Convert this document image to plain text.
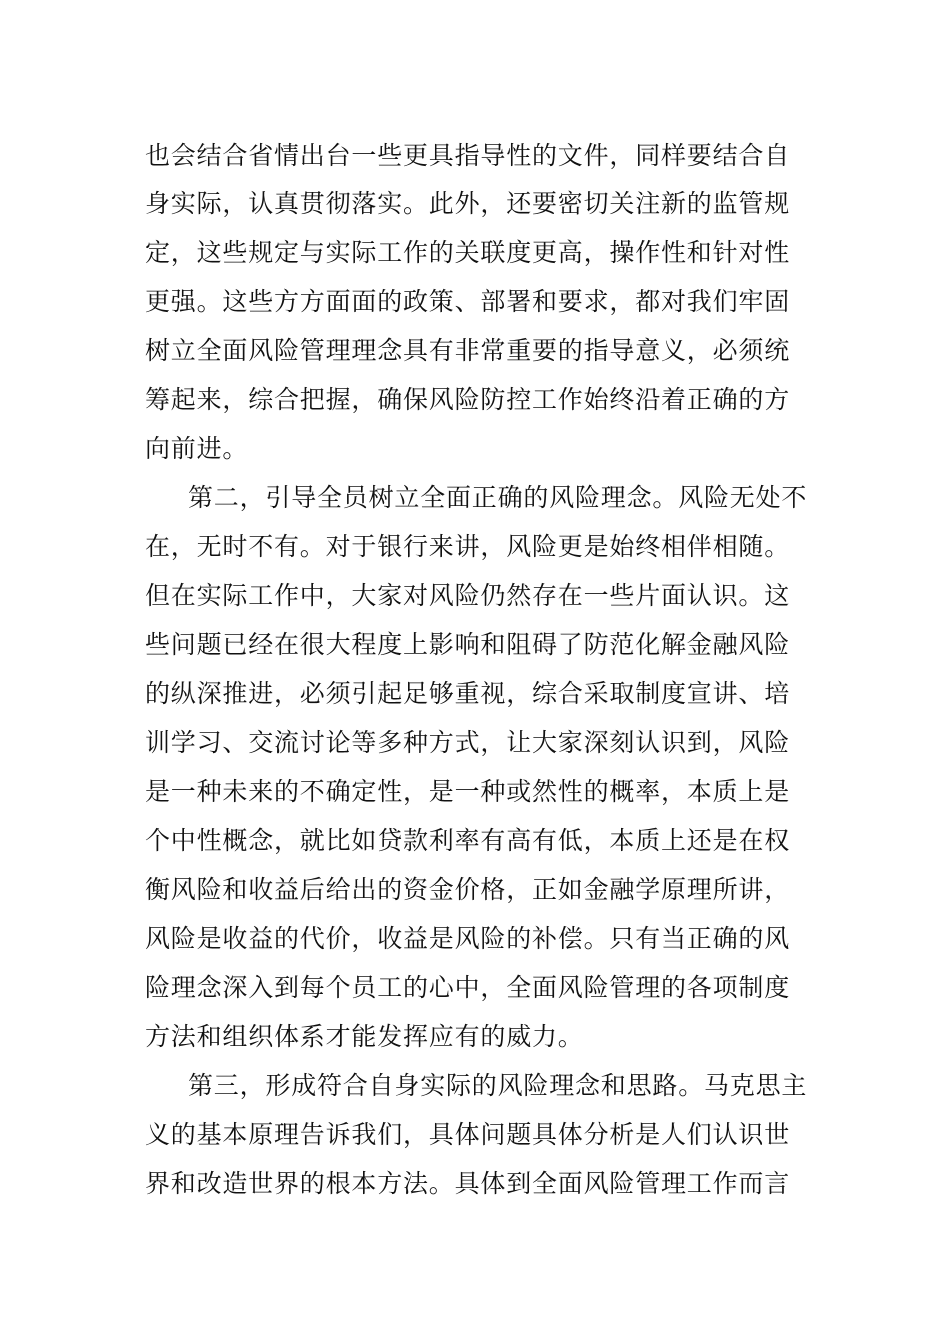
也会结合省情出台一些更具指导性的文件，同样要结合自
身实际，认真贯彻落实。此外，还要密切关注新的监管规
定，这些规定与实际工作的关联度更高，操作性和针对性
更强。这些方方面面的政策、部署和要求，都对我们牢固
树立全面风险管理理念具有非常重要的指导意义，必须统
筹起来，综合把握，确保风险防控工作始终沿着正确的方
向前进。
第二，引导全员树立全面正确的风险理念。风险无处不
在，无时不有。对于银行来讲，风险更是始终相伴相随。
但在实际工作中，大家对风险仍然存在一些片面认识。这
些问题已经在很大程度上影响和阻碍了防范化解金融风险
的纵深推进，必须引起足够重视，综合采取制度宣讲、培
训学习、交流讨论等多种方式，让大家深刻认识到，风险
是一种未来的不确定性，是一种或然性的概率，本质上是
个中性概念，就比如贷款利率有高有低，本质上还是在权
衡风险和收益后给出的资金价格，正如金融学原理所讲，
风险是收益的代价，收益是风险的补偿。只有当正确的风
险理念深入到每个员工的心中，全面风险管理的各项制度
方法和组织体系才能发挥应有的威力。
第三，形成符合自身实际的风险理念和思路。马克思主
义的基本原理告诉我们，具体问题具体分析是人们认识世
界和改造世界的根本方法。具体到全面风险管理工作而言
